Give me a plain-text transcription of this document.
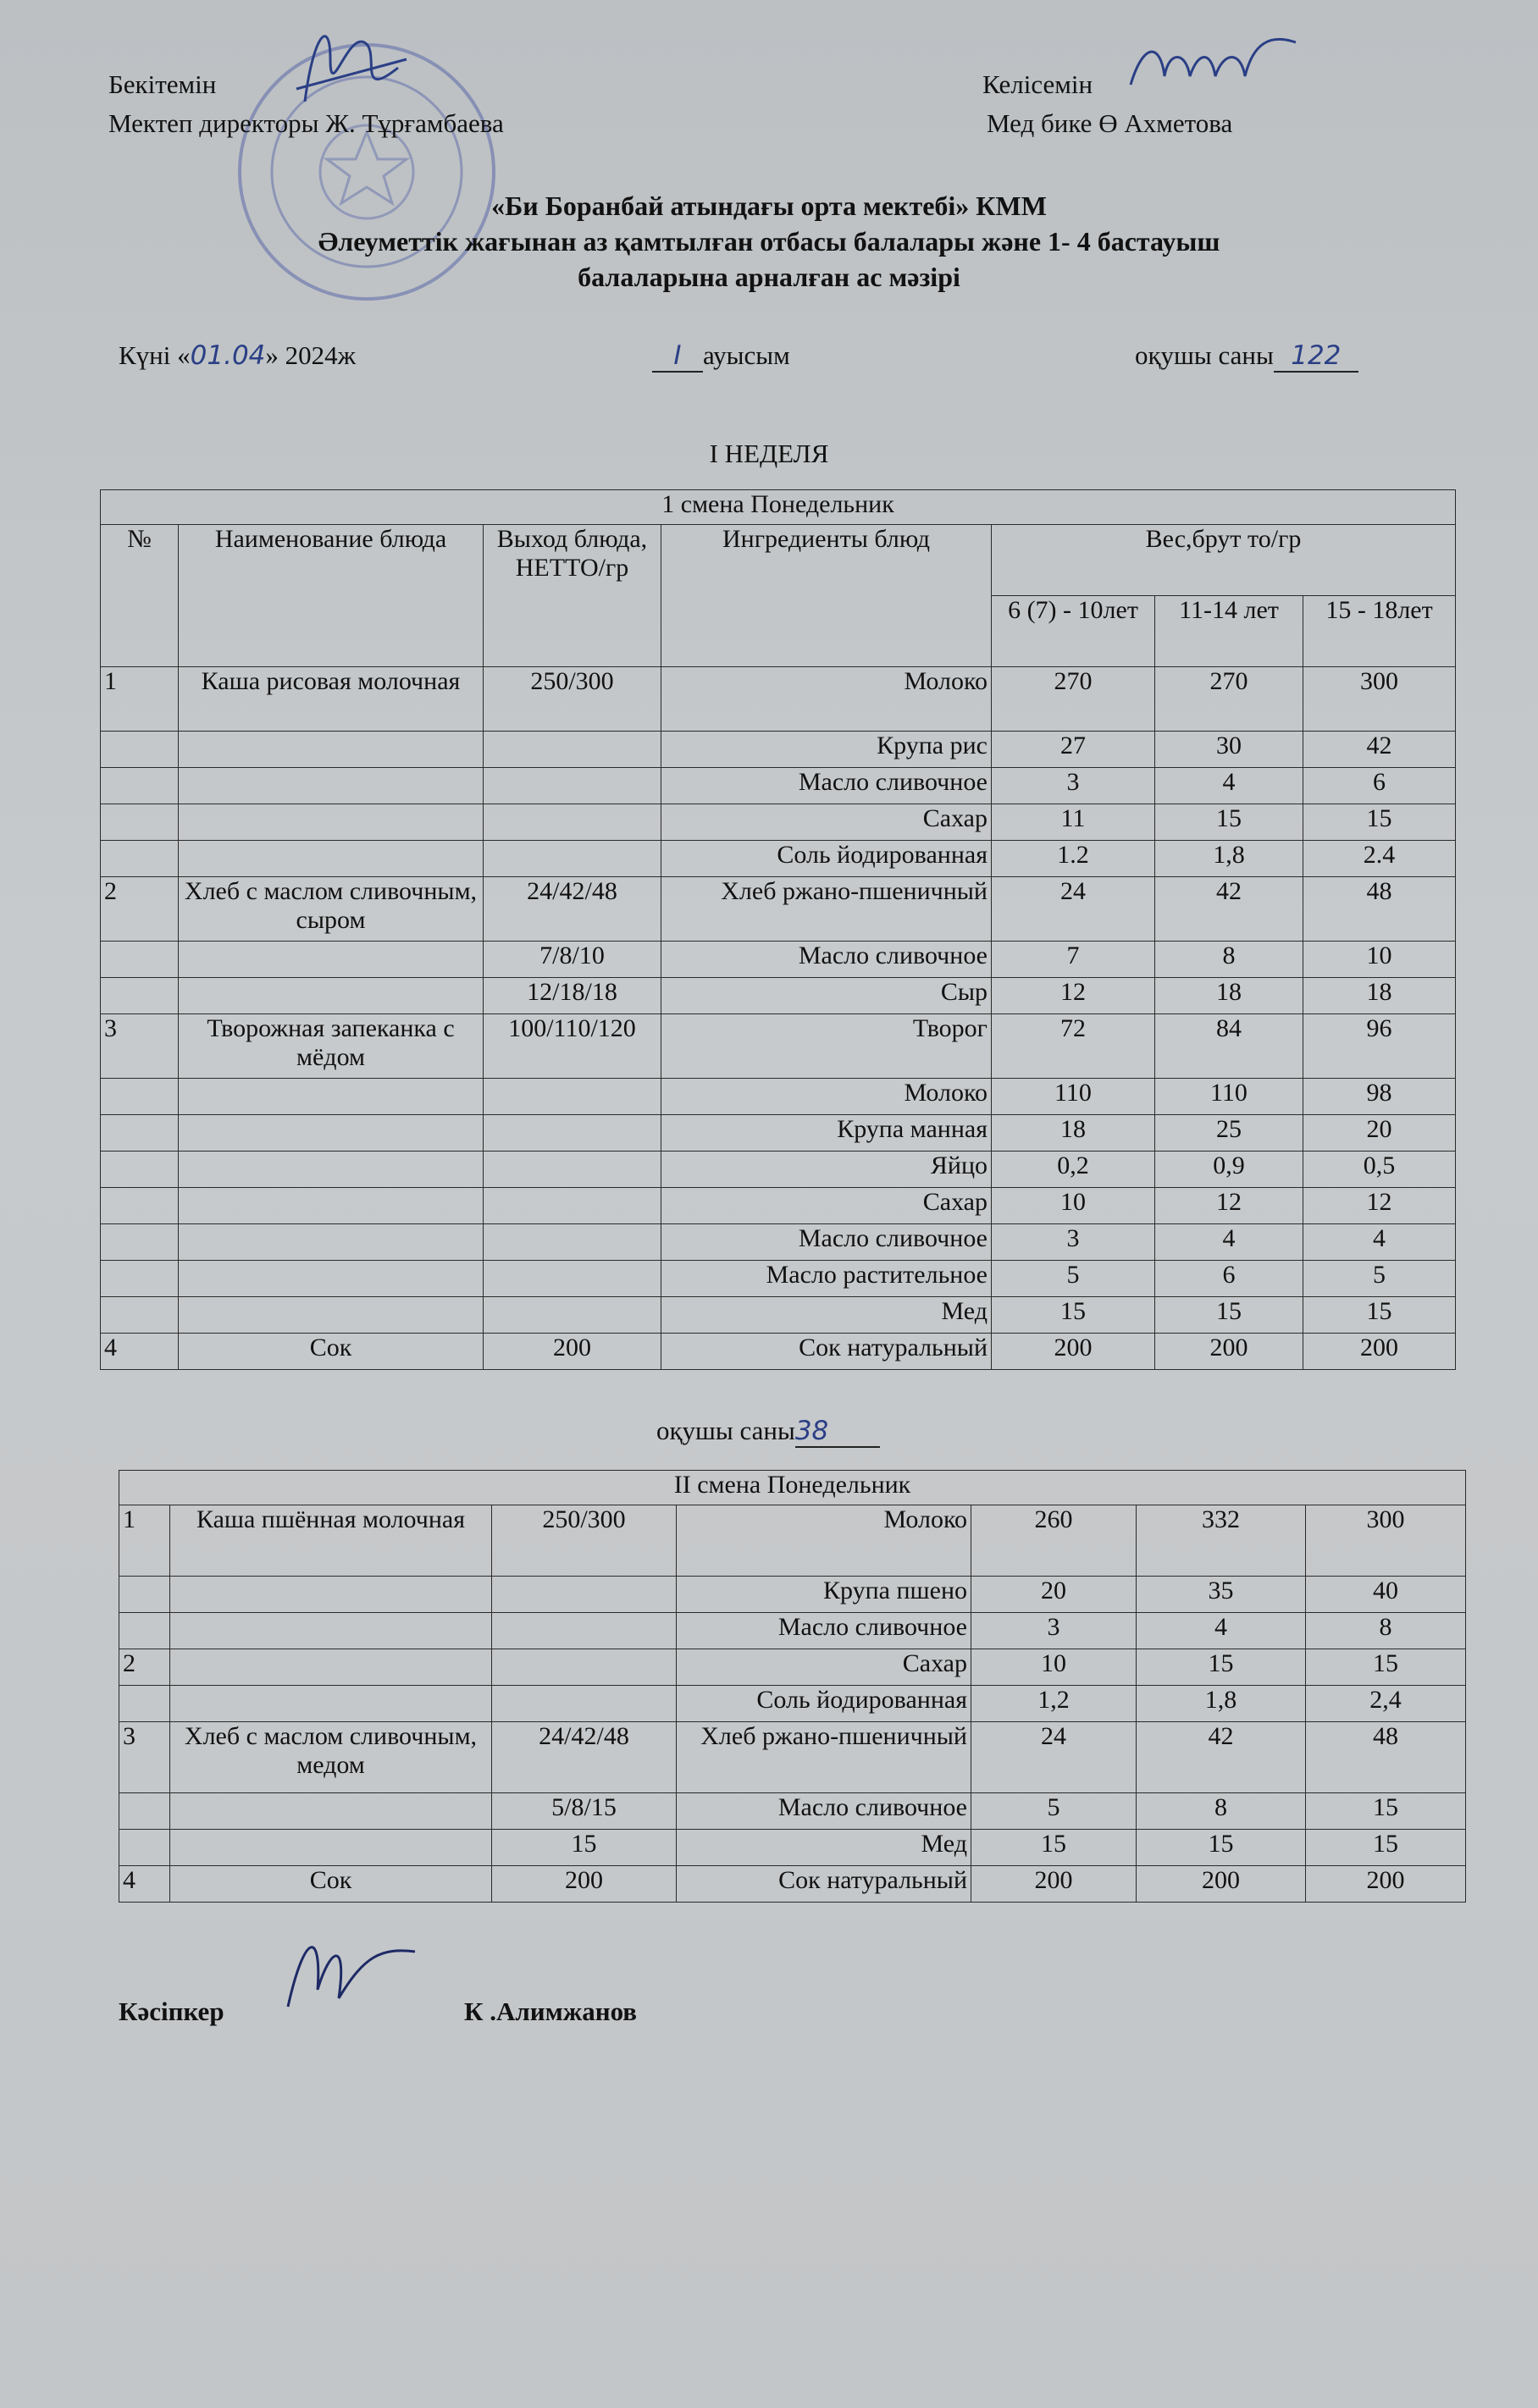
Бекітемін
Мектеп директоры Ж. Тұрғамбаева
Келісемін
Мед бике Ө Ахметова
«Би Боранбай атындағы орта мектебі» КММ
Әлеуметтік жағынан аз қамтылған отбасы балалары және 1- 4 бастауыш
балаларына арналған ас мәзірі
Күні «01.04» 2024ж	I ауысым	оқушы саны 122
I НЕДЕЛЯ
1 смена Понедельник						
№	Наименование блюда	Выход блюда, НЕТТО/гр	Ингредиенты блюд	Вес,брут то/гр		
				6 (7) - 10лет	11-14 лет	15 - 18лет
1	Каша рисовая молочная	250/300	Молоко	270	270	300
			Крупа рис	27	30	42
			Масло сливочное	3	4	6
			Сахар	11	15	15
			Соль йодированная	1.2	1,8	2.4
2	Хлеб с маслом сливочным, сыром	24/42/48	Хлеб ржано-пшеничный	24	42	48
		7/8/10	Масло сливочное	7	8	10
		12/18/18	Сыр	12	18	18
3	Творожная запеканка с мёдом	100/110/120	Творог	72	84	96
			Молоко	110	110	98
			Крупа манная	18	25	20
			Яйцо	0,2	0,9	0,5
			Сахар	10	12	12
			Масло сливочное	3	4	4
			Масло растительное	5	6	5
			Мед	15	15	15
4	Сок	200	Сок натуральный	200	200	200
оқушы саны38
II смена Понедельник						
1	Каша пшённая молочная	250/300	Молоко	260	332	300
			Крупа пшено	20	35	40
			Масло сливочное	3	4	8
2			Сахар	10	15	15
			Соль йодированная	1,2	1,8	2,4
3	Хлеб с маслом сливочным, медом	24/42/48	Хлеб ржано-пшеничный	24	42	48
		5/8/15	Масло сливочное	5	8	15
		15	Мед	15	15	15
4	Сок	200	Сок натуральный	200	200	200
Кәсіпкер	К .Алимжанов
